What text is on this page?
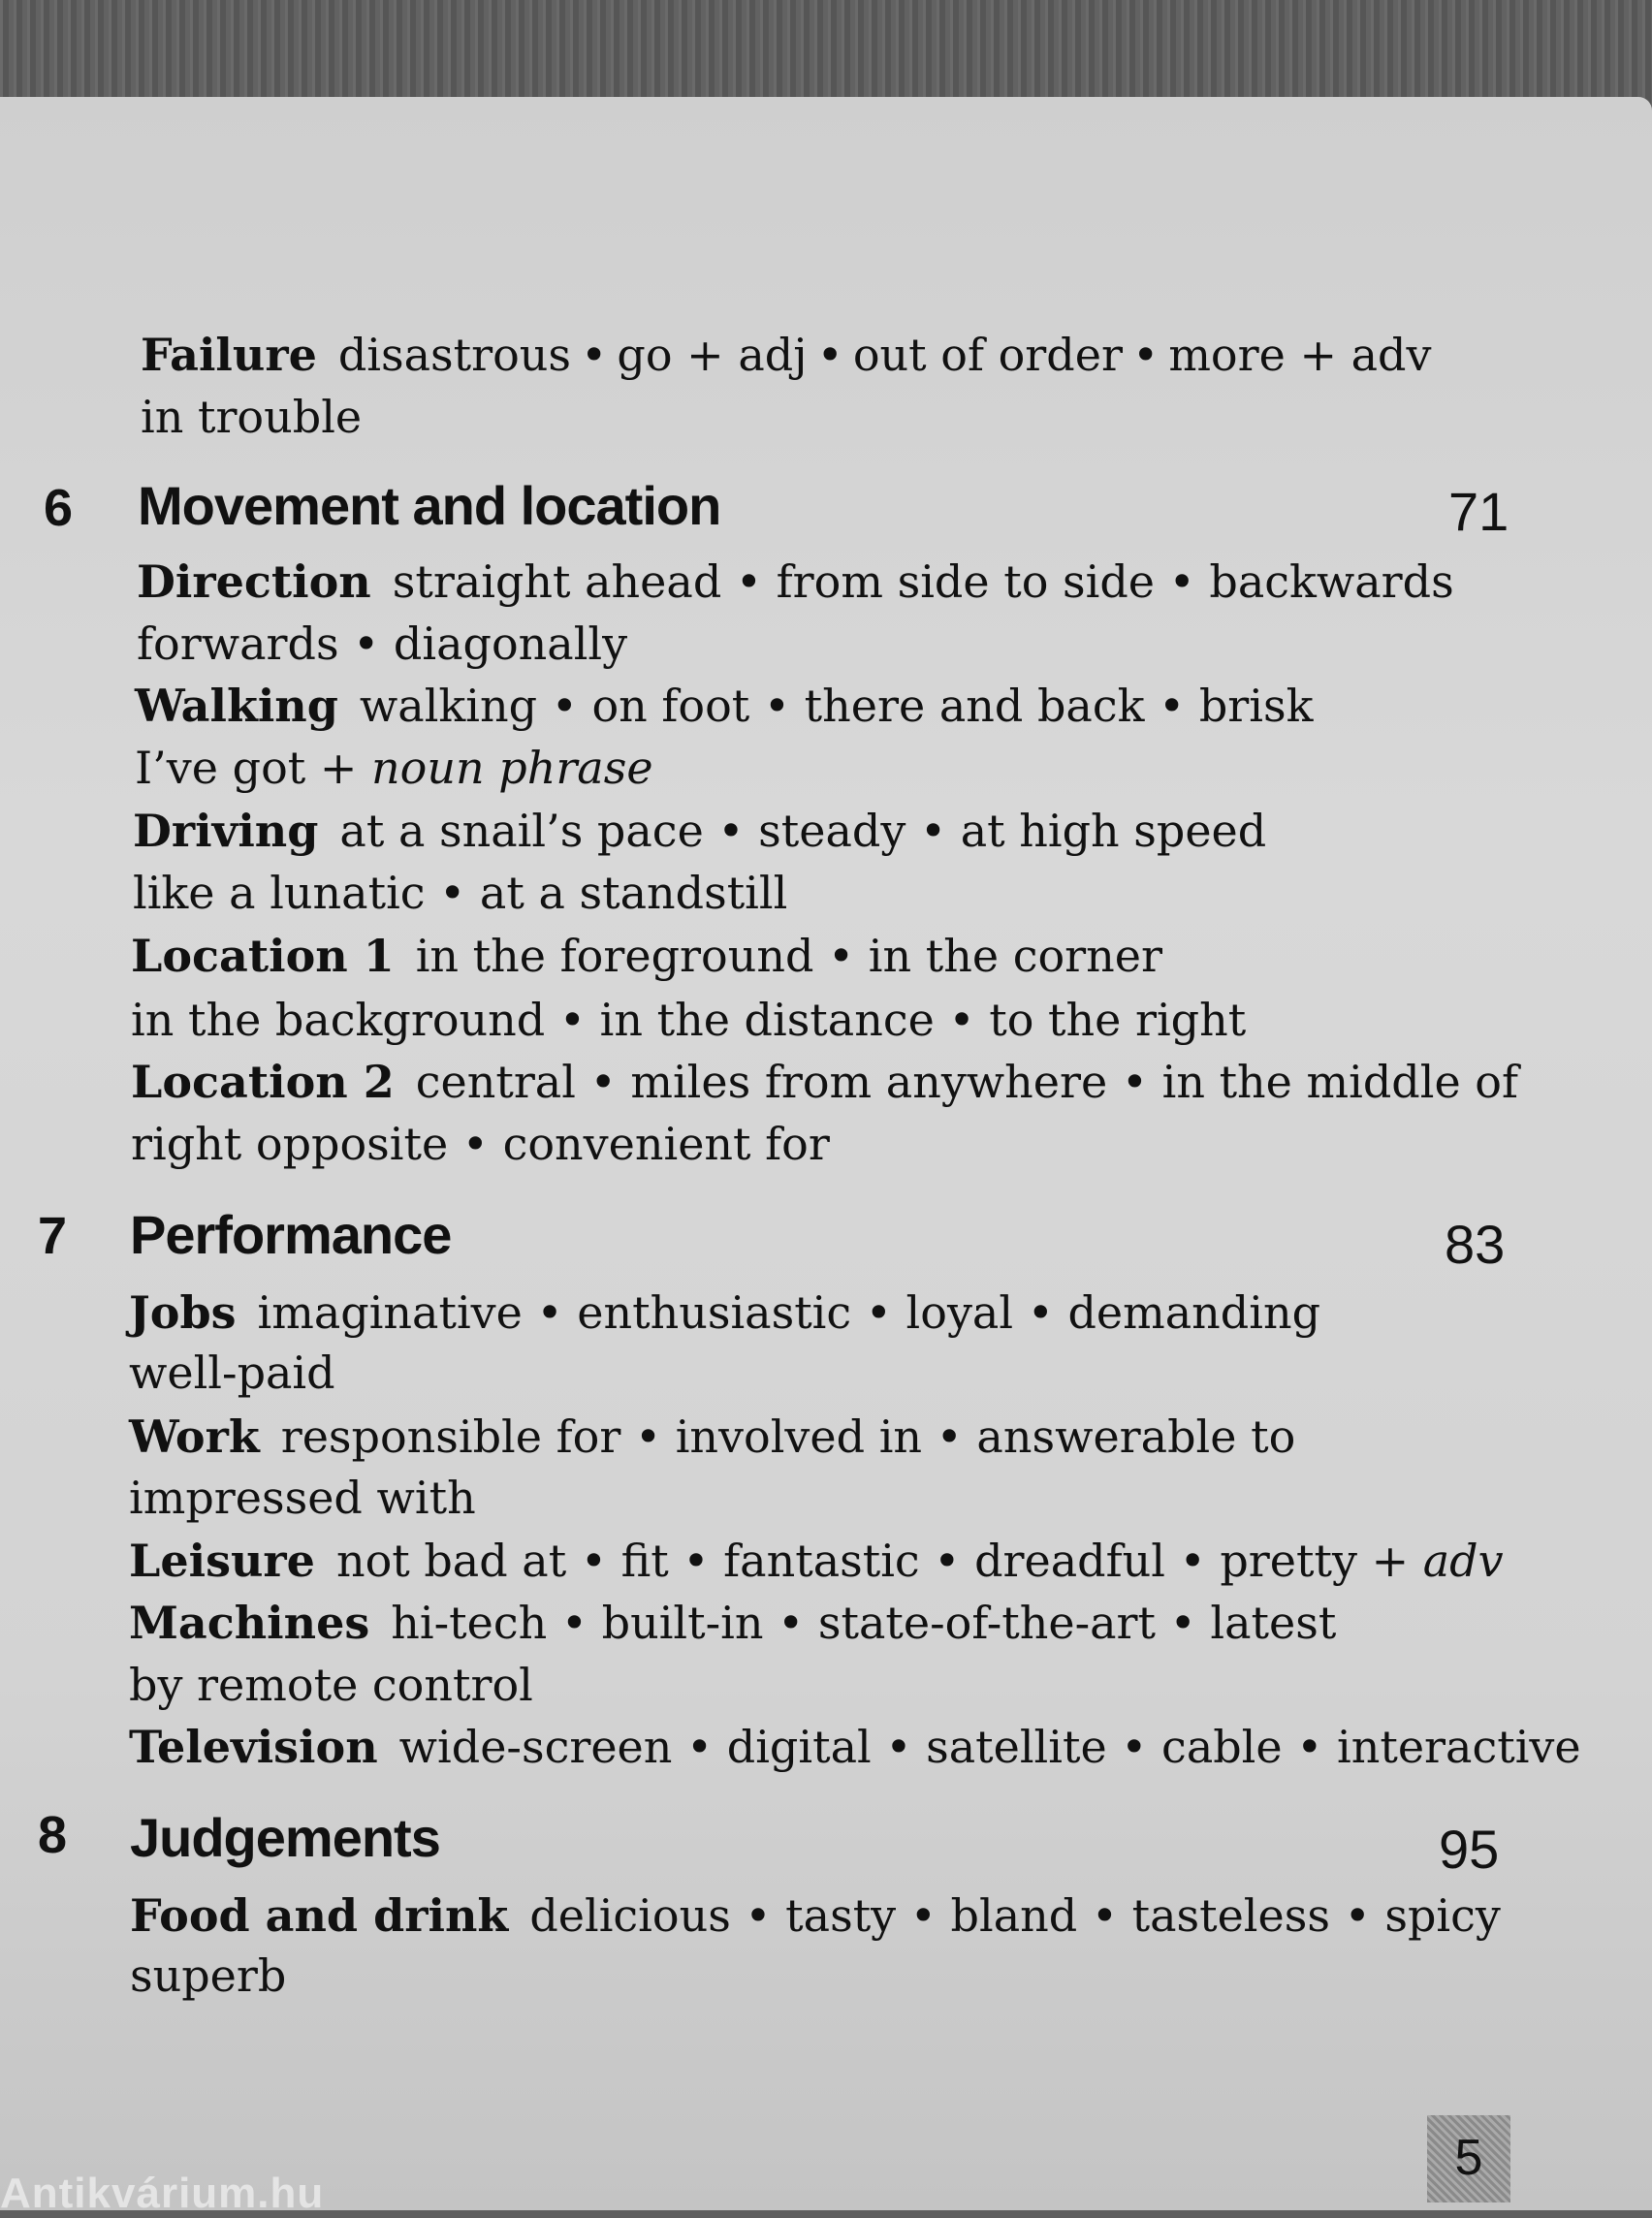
Failure disastrous • go + adj • out of order • more + adv
in trouble
6 Movement and location	71
Direction straight ahead • from side to side • backwards
forwards • diagonally
Walking walking • on foot • there and back • brisk
I’ve got + noun phrase
Driving at a snail’s pace • steady • at high speed
like a lunatic • at a standstill
Location 1 in the foreground • in the corner
in the background • in the distance • to the right
Location 2 central • miles from anywhere • in the middle of
right opposite • convenient for
7 Performance	83
Jobs imaginative • enthusiastic • loyal • demanding
well-paid
Work responsible for • involved in • answerable to
impressed with
Leisure not bad at • fit • fantastic • dreadful • pretty + adv
Machines hi-tech • built-in • state-of-the-art • latest
by remote control
Television wide-screen • digital • satellite • cable • interactive
8 Judgements	95
Food and drink delicious • tasty • bland • tasteless • spicy
superb
5
Antikvárium.hu
